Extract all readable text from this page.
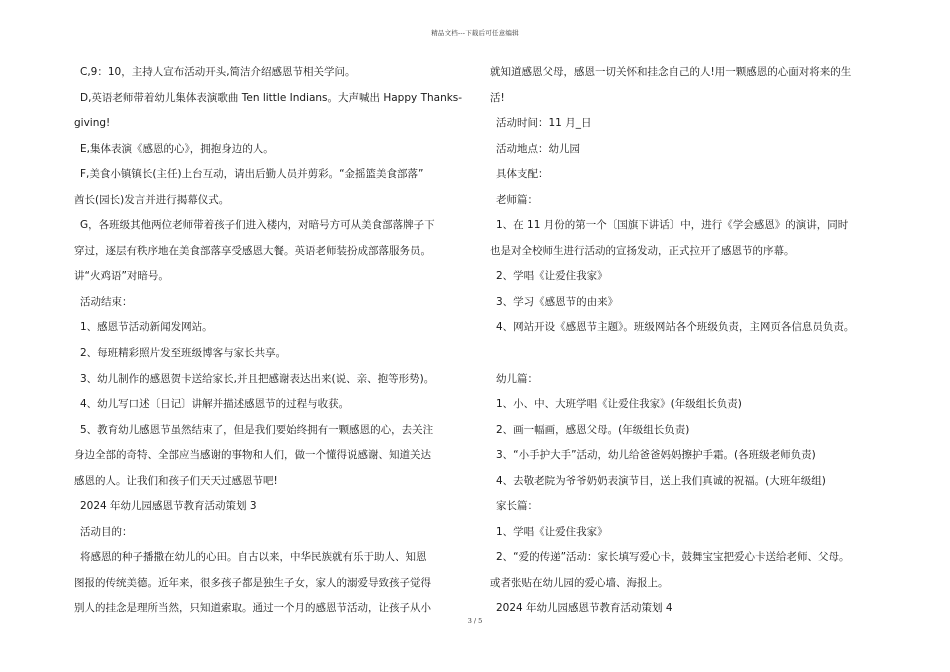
精品文档---下载后可任意编辑
C,9：10，主持人宣布活动开头,简洁介绍感恩节相关学问。
D,英语老师带着幼儿集体表演歌曲 Ten little Indians。大声喊出 Happy Thanks-
giving!
E,集体表演《感恩的心》，拥抱身边的人。
F,美食小镇镇长(主任)上台互动，请出后勤人员并剪彩。“金摇篮美食部落”
酋长(园长)发言并进行揭幕仪式。
G，各班级其他两位老师带着孩子们进入楼内，对暗号方可从美食部落牌子下
穿过，逐层有秩序地在美食部落享受感恩大餐。英语老师装扮成部落服务员。
讲“火鸡语”对暗号。
活动结束：
1、感恩节活动新闻发网站。
2、每班精彩照片发至班级博客与家长共享。
3、幼儿制作的感恩贺卡送给家长,并且把感谢表达出来(说、亲、抱等形势)。
4、幼儿写口述〔日记〕讲解并描述感恩节的过程与收获。
5、教育幼儿感恩节虽然结束了，但是我们要始终拥有一颗感恩的心，去关注
身边全部的奇特、全部应当感谢的事物和人们，做一个懂得说感谢、知道关达
感恩的人。让我们和孩子们天天过感恩节吧!
2024 年幼儿园感恩节教育活动策划 3
活动目的：
将感恩的种子播撒在幼儿的心田。自古以来，中华民族就有乐于助人、知恩
图报的传统美德。近年来，很多孩子都是独生子女，家人的溺爱导致孩子觉得
别人的挂念是理所当然，只知道索取。通过一个月的感恩节活动，让孩子从小
就知道感恩父母，感恩一切关怀和挂念自己的人!用一颗感恩的心面对将来的生
活!
活动时间：11 月_日
活动地点：幼儿园
具体支配：
老师篇：
1、在 11 月份的第一个〔国旗下讲话〕中，进行《学会感恩》的演讲，同时
也是对全校师生进行活动的宣扬发动，正式拉开了感恩节的序幕。
2、学唱《让爱住我家》
3、学习《感恩节的由来》
4、网站开设《感恩节主题》。班级网站各个班级负责，主网页各信息员负责。
幼儿篇：
1、小、中、大班学唱《让爱住我家》(年级组长负责)
2、画一幅画，感恩父母。(年级组长负责)
3、“小手护大手”活动，幼儿给爸爸妈妈擦护手霜。(各班级老师负责)
4、去敬老院为爷爷奶奶表演节目，送上我们真诚的祝福。(大班年级组)
家长篇：
1、学唱《让爱住我家》
2、“爱的传递”活动：家长填写爱心卡，鼓舞宝宝把爱心卡送给老师、父母。
或者张贴在幼儿园的爱心墙、海报上。
2024 年幼儿园感恩节教育活动策划 4
3 / 5
